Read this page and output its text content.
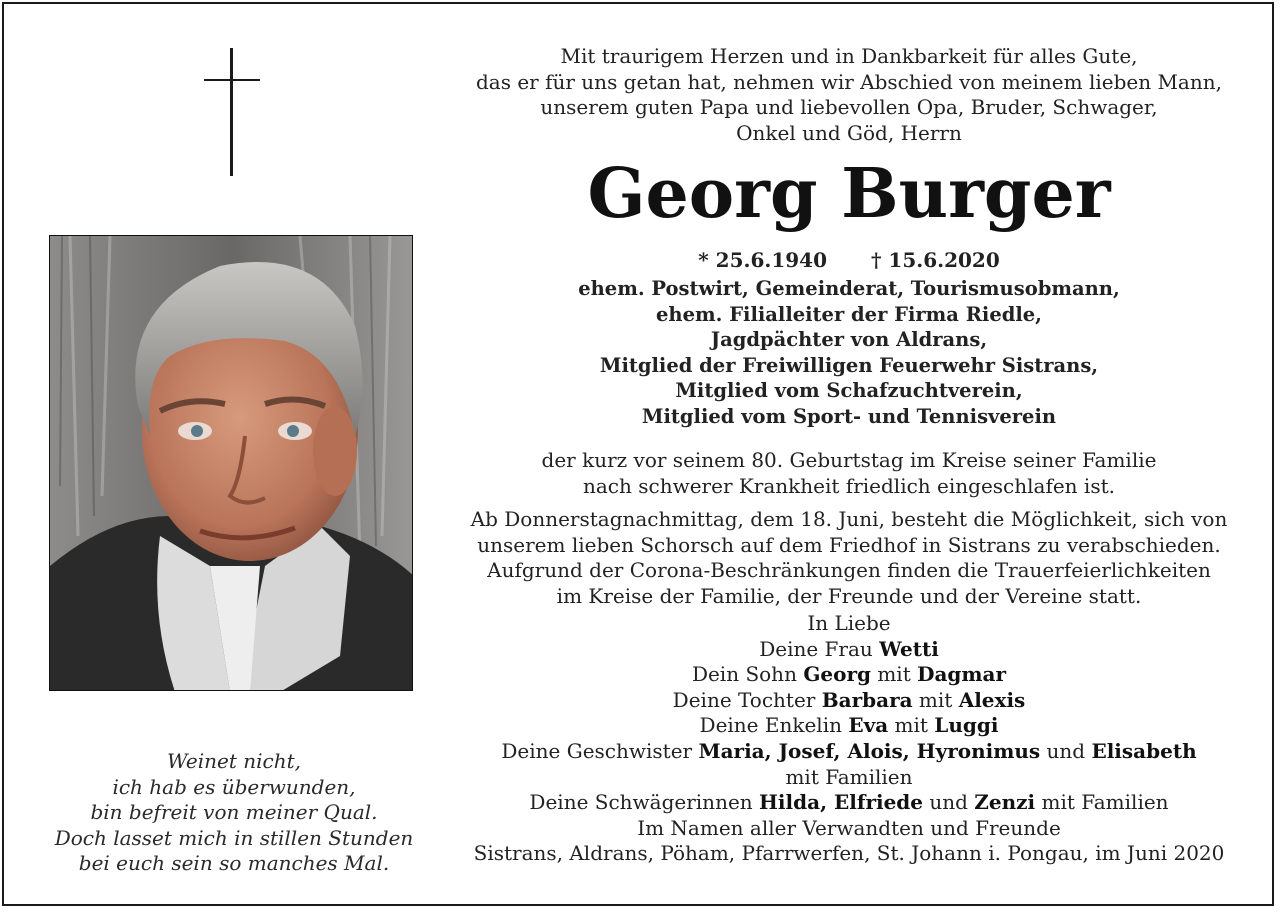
Weinet nicht,
ich hab es überwunden,
bin befreit von meiner Qual.
Doch lasset mich in stillen Stunden
bei euch sein so manches Mal.
Mit traurigem Herzen und in Dankbarkeit für alles Gute,
das er für uns getan hat, nehmen wir Abschied von meinem lieben Mann,
unserem guten Papa und liebevollen Opa, Bruder, Schwager,
Onkel und Göd, Herrn
Georg Burger
* 25.6.1940 † 15.6.2020
ehem. Postwirt, Gemeinderat, Tourismusobmann,
ehem. Filialleiter der Firma Riedle,
Jagdpächter von Aldrans,
Mitglied der Freiwilligen Feuerwehr Sistrans,
Mitglied vom Schafzuchtverein,
Mitglied vom Sport- und Tennisverein
der kurz vor seinem 80. Geburtstag im Kreise seiner Familie
nach schwerer Krankheit friedlich eingeschlafen ist.
Ab Donnerstagnachmittag, dem 18. Juni, besteht die Möglichkeit, sich von
unserem lieben Schorsch auf dem Friedhof in Sistrans zu verabschieden.
Aufgrund der Corona-Beschränkungen finden die Trauerfeierlichkeiten
im Kreise der Familie, der Freunde und der Vereine statt.
In Liebe
Deine Frau Wetti
Dein Sohn Georg mit Dagmar
Deine Tochter Barbara mit Alexis
Deine Enkelin Eva mit Luggi
Deine Geschwister Maria, Josef, Alois, Hyronimus und Elisabeth
mit Familien
Deine Schwägerinnen Hilda, Elfriede und Zenzi mit Familien
Im Namen aller Verwandten und Freunde
Sistrans, Aldrans, Pöham, Pfarrwerfen, St. Johann i. Pongau, im Juni 2020
